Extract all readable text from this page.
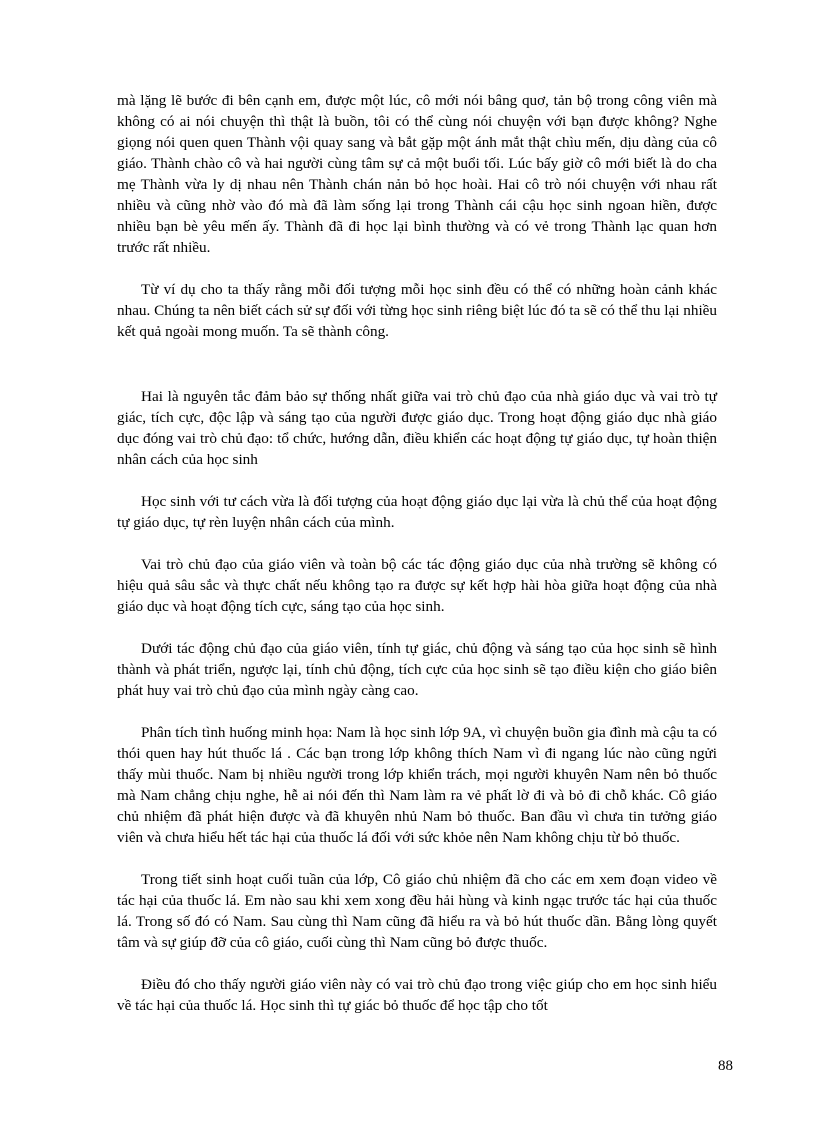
mà lặng lẽ bước đi bên cạnh em, được một lúc, cô mới nói bâng quơ, tản bộ trong công viên mà không có ai nói chuyện thì thật là buồn, tôi có thể cùng nói chuyện với bạn được không? Nghe giọng nói quen quen Thành vội quay sang và bắt gặp một ánh mắt thật chìu mến, dịu dàng của cô giáo. Thành chào cô và hai người cùng tâm sự cả một buổi tối. Lúc bấy giờ cô mới biết là do cha mẹ Thành vừa ly dị nhau nên Thành chán nản bỏ học hoài. Hai cô trò nói chuyện với nhau rất nhiều và cũng nhờ vào đó mà đã làm sống lại trong Thành cái cậu học sinh ngoan hiền, được nhiều bạn bè yêu mến ấy. Thành đã đi học lại bình thường và có vẻ trong Thành lạc quan hơn trước rất nhiều.

Từ ví dụ cho ta thấy rằng mỗi đối tượng mỗi học sinh đều có thể có những hoàn cảnh khác nhau. Chúng ta nên biết cách sử sự đối với từng học sinh riêng biệt lúc đó ta sẽ có thể thu lại nhiều kết quả ngoài mong muốn. Ta sẽ thành công.

Hai là nguyên tắc đảm bảo sự thống nhất giữa vai trò chủ đạo của nhà giáo dục và vai trò tự giác, tích cực, độc lập và sáng tạo của người được giáo dục. Trong hoạt động giáo dục nhà giáo dục đóng vai trò chủ đạo: tổ chức, hướng dẫn, điều khiển các hoạt động tự giáo dục, tự hoàn thiện nhân cách của học sinh

Học sinh với tư cách vừa là đối tượng của hoạt động giáo dục lại vừa là chủ thể của hoạt động tự giáo dục, tự rèn luyện nhân cách của mình.

Vai trò chủ đạo của giáo viên và toàn bộ các tác động giáo dục của nhà trường sẽ không có hiệu quả sâu sắc và thực chất nếu không tạo ra được sự kết hợp hài hòa giữa hoạt động của nhà giáo dục và hoạt động tích cực, sáng tạo của học sinh.

Dưới tác động chủ đạo của giáo viên, tính tự giác, chủ động và sáng tạo của học sinh sẽ hình thành và phát triển, ngược lại, tính chủ động, tích cực của học sinh sẽ tạo điều kiện cho giáo biên phát huy vai trò chủ đạo của mình ngày càng cao.

Phân tích tình huống minh họa: Nam là học sinh lớp 9A, vì chuyện buồn gia đình mà cậu ta có thói quen hay hút thuốc lá . Các bạn trong lớp không thích Nam vì đi ngang lúc nào cũng ngửi thấy mùi thuốc. Nam bị nhiều người trong lớp khiển trách, mọi người khuyên Nam nên bỏ thuốc mà Nam chẳng chịu nghe, hễ ai nói đến thì Nam làm ra vẻ phất lờ đi và bỏ đi chỗ khác. Cô giáo chủ nhiệm đã phát hiện được và đã khuyên nhủ Nam bỏ thuốc. Ban đầu vì chưa tin tưởng giáo viên và chưa hiểu hết tác hại của thuốc lá đối với sức khỏe nên Nam không chịu từ bỏ thuốc.

Trong tiết sinh hoạt cuối tuần của lớp, Cô giáo chủ nhiệm đã cho các em xem đoạn video về tác hại của thuốc lá. Em nào sau khi xem xong đều hải hùng và kinh ngạc trước tác hại của thuốc lá. Trong số đó có Nam. Sau cùng thì Nam cũng đã hiểu ra và bỏ hút thuốc dần. Bằng lòng quyết tâm và sự giúp đỡ của cô giáo, cuối cùng thì Nam cũng bỏ được thuốc.

Điều đó cho thấy người giáo viên này có vai trò chủ đạo trong việc giúp cho em học sinh hiểu về tác hại của thuốc lá. Học sinh thì tự giác bỏ thuốc để học tập cho tốt

88
